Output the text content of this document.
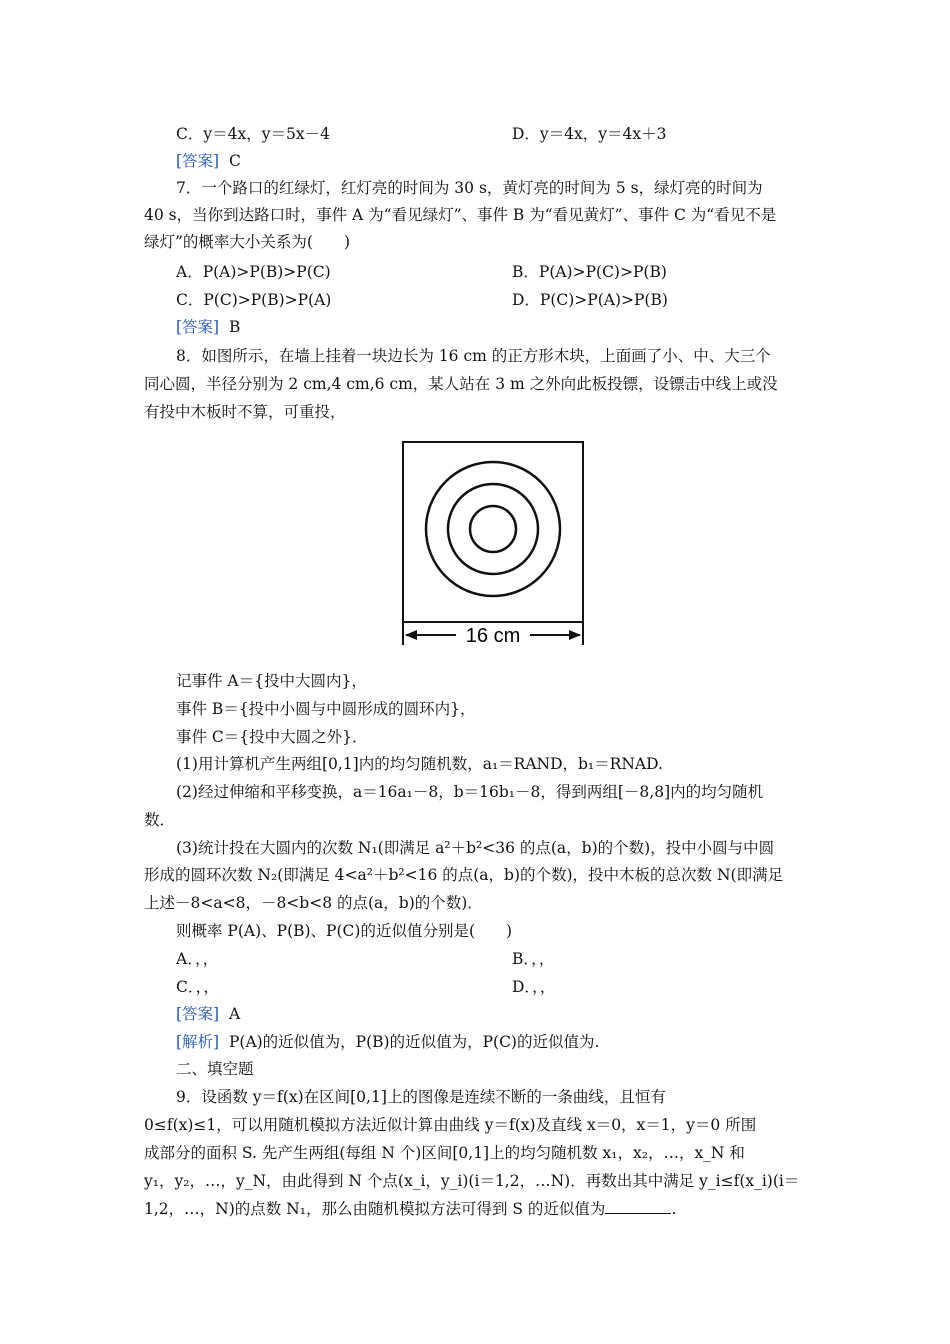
C．y＝4x，y＝5x－4	D．y＝4x，y＝4x＋3
[答案] C
7．一个路口的红绿灯，红灯亮的时间为 30 s，黄灯亮的时间为 5 s，绿灯亮的时间为
40 s，当你到达路口时，事件 A 为“看见绿灯”、事件 B 为“看见黄灯”、事件 C 为“看见不是
绿灯”的概率大小关系为(　　)
A．P(A)>P(B)>P(C)	B．P(A)>P(C)>P(B)
C．P(C)>P(B)>P(A)	D．P(C)>P(A)>P(B)
[答案] B
8．如图所示，在墙上挂着一块边长为 16 cm 的正方形木块，上面画了小、中、大三个
同心圆，半径分别为 2 cm,4 cm,6 cm，某人站在 3 m 之外向此板投镖，设镖击中线上或没
有投中木板时不算，可重投，
16 cm
记事件 A＝{投中大圆内}，
事件 B＝{投中小圆与中圆形成的圆环内}，
事件 C＝{投中大圆之外}．
(1)用计算机产生两组[0,1]内的均匀随机数，a₁＝RAND，b₁＝RNAD.
(2)经过伸缩和平移变换，a＝16a₁－8，b＝16b₁－8，得到两组[－8,8]内的均匀随机
数．
(3)统计投在大圆内的次数 N₁(即满足 a²＋b²<36 的点(a，b)的个数)，投中小圆与中圆
形成的圆环次数 N₂(即满足 4<a²＋b²<16 的点(a，b)的个数)，投中木板的总次数 N(即满足
上述－8<a<8，－8<b<8 的点(a，b)的个数)．
则概率 P(A)、P(B)、P(C)的近似值分别是(　　)
A．，，	B．，，
C．，，	D．，，
[答案] A
[解析] P(A)的近似值为，P(B)的近似值为，P(C)的近似值为.
二、填空题
9．设函数 y＝f(x)在区间[0,1]上的图像是连续不断的一条曲线，且恒有
0≤f(x)≤1，可以用随机模拟方法近似计算由曲线 y＝f(x)及直线 x＝0，x＝1，y＝0 所围
成部分的面积 S. 先产生两组(每组 N 个)区间[0,1]上的均匀随机数 x₁，x₂，…，x_N 和
y₁，y₂，…，y_N，由此得到 N 个点(x_i，y_i)(i＝1,2，…N)．再数出其中满足 y_i≤f(x_i)(i＝
1,2，…，N)的点数 N₁，那么由随机模拟方法可得到 S 的近似值为	.
